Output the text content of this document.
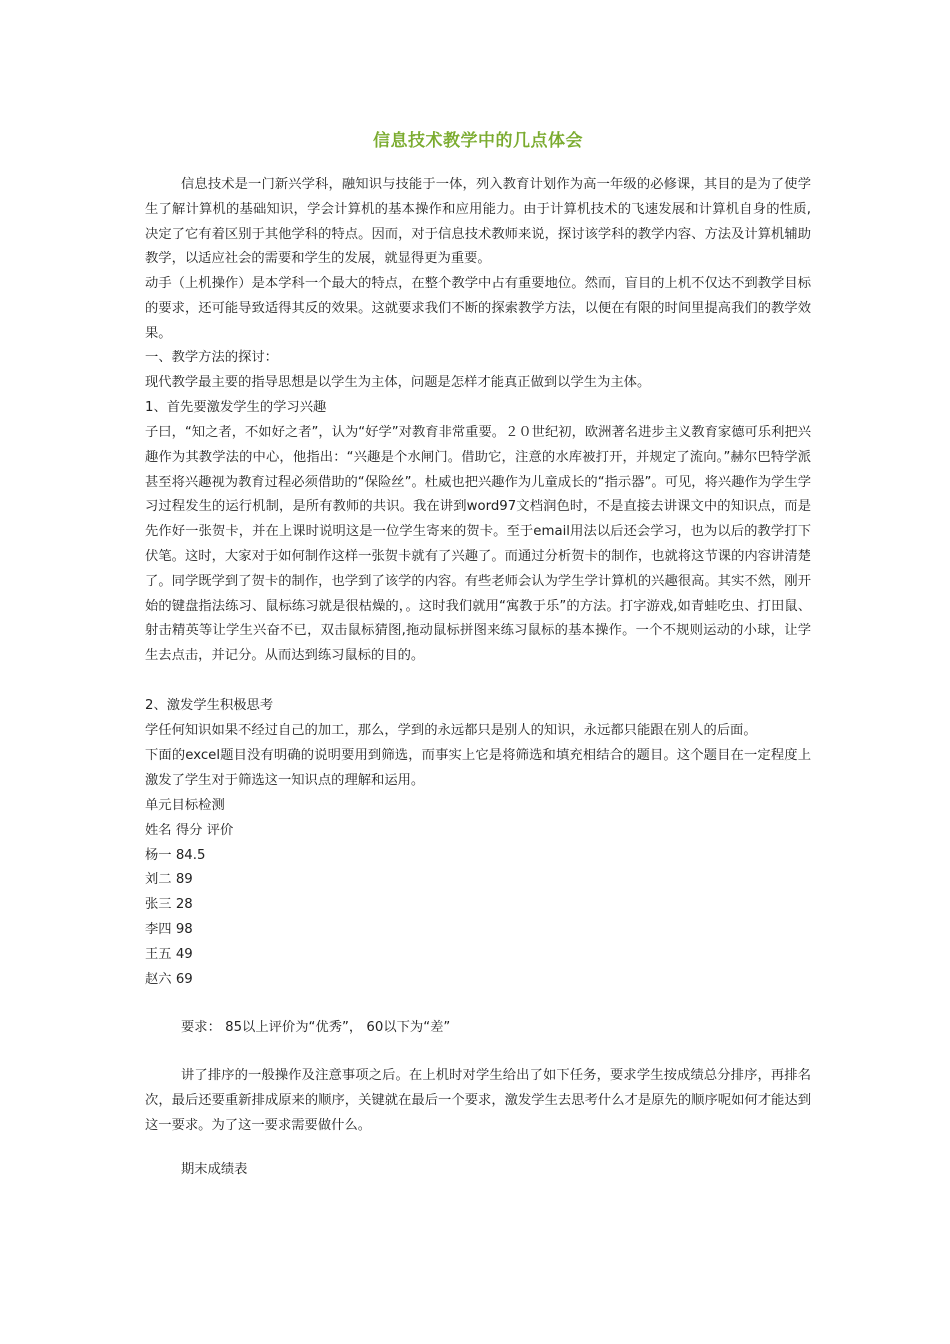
信息技术教学中的几点体会

信息技术是一门新兴学科，融知识与技能于一体，列入教育计划作为高一年级的必修课，其目的是为了使学生了解计算机的基础知识，学会计算机的基本操作和应用能力。由于计算机技术的飞速发展和计算机自身的性质,决定了它有着区别于其他学科的特点。因而，对于信息技术教师来说，探讨该学科的教学内容、方法及计算机辅助教学，以适应社会的需要和学生的发展，就显得更为重要。

动手（上机操作）是本学科一个最大的特点，在整个教学中占有重要地位。然而，盲目的上机不仅达不到教学目标的要求，还可能导致适得其反的效果。这就要求我们不断的探索教学方法，以便在有限的时间里提高我们的教学效果。

一、教学方法的探讨：

现代教学最主要的指导思想是以学生为主体，问题是怎样才能真正做到以学生为主体。

1、首先要激发学生的学习兴趣

子曰，“知之者，不如好之者”，认为“好学”对教育非常重要。２０世纪初，欧洲著名进步主义教育家德可乐利把兴趣作为其教学法的中心，他指出：“兴趣是个水闸门。借助它，注意的水库被打开，并规定了流向。”赫尔巴特学派甚至将兴趣视为教育过程必须借助的“保险丝”。杜威也把兴趣作为儿童成长的“指示器”。可见，将兴趣作为学生学习过程发生的运行机制，是所有教师的共识。我在讲到word97文档润色时，不是直接去讲课文中的知识点，而是先作好一张贺卡，并在上课时说明这是一位学生寄来的贺卡。至于email用法以后还会学习，也为以后的教学打下伏笔。这时，大家对于如何制作这样一张贺卡就有了兴趣了。而通过分析贺卡的制作，也就将这节课的内容讲清楚了。同学既学到了贺卡的制作，也学到了该学的内容。有些老师会认为学生学计算机的兴趣很高。其实不然，刚开始的键盘指法练习、鼠标练习就是很枯燥的，。这时我们就用“寓教于乐”的方法。打字游戏,如青蛙吃虫、打田鼠、射击精英等让学生兴奋不已，双击鼠标猜图,拖动鼠标拼图来练习鼠标的基本操作。一个不规则运动的小球，让学生去点击，并记分。从而达到练习鼠标的目的。

2、激发学生积极思考

学任何知识如果不经过自己的加工，那么，学到的永远都只是别人的知识，永远都只能跟在别人的后面。

下面的excel题目没有明确的说明要用到筛选，而事实上它是将筛选和填充相结合的题目。这个题目在一定程度上激发了学生对于筛选这一知识点的理解和运用。

单元目标检测
姓名 得分 评价
杨一 84.5
刘二 89
张三 28
李四 98
王五 49
赵六 69

要求： 85以上评价为“优秀”， 60以下为“差”

讲了排序的一般操作及注意事项之后。在上机时对学生给出了如下任务，要求学生按成绩总分排序，再排名次，最后还要重新排成原来的顺序，关键就在最后一个要求，激发学生去思考什么才是原先的顺序呢如何才能达到这一要求。为了这一要求需要做什么。

期末成绩表
